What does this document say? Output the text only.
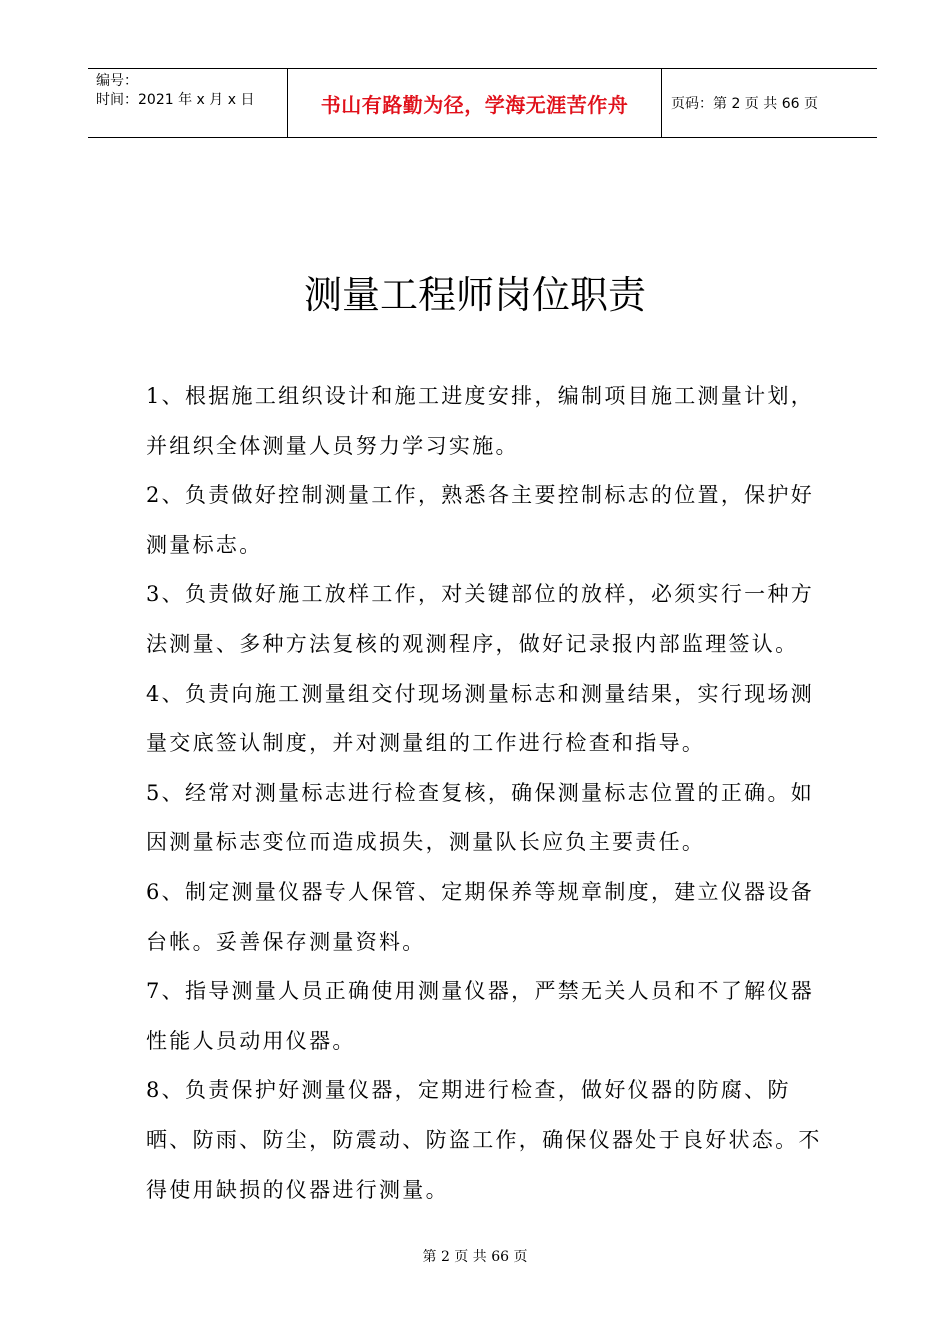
编号：
时间：2021 年 x 月 x 日	书山有路勤为径，学海无涯苦作舟	页码：第 2 页 共 66 页
测量工程师岗位职责

1、根据施工组织设计和施工进度安排，编制项目施工测量计划，并组织全体测量人员努力学习实施。

2、负责做好控制测量工作，熟悉各主要控制标志的位置，保护好测量标志。

3、负责做好施工放样工作，对关键部位的放样，必须实行一种方法测量、多种方法复核的观测程序，做好记录报内部监理签认。

4、负责向施工测量组交付现场测量标志和测量结果，实行现场测量交底签认制度，并对测量组的工作进行检查和指导。

5、经常对测量标志进行检查复核，确保测量标志位置的正确。如因测量标志变位而造成损失，测量队长应负主要责任。

6、制定测量仪器专人保管、定期保养等规章制度，建立仪器设备台帐。妥善保存测量资料。

7、指导测量人员正确使用测量仪器，严禁无关人员和不了解仪器性能人员动用仪器。

8、负责保护好测量仪器，定期进行检查，做好仪器的防腐、防晒、防雨、防尘，防震动、防盗工作，确保仪器处于良好状态。不得使用缺损的仪器进行测量。

第 2 页 共 66 页
